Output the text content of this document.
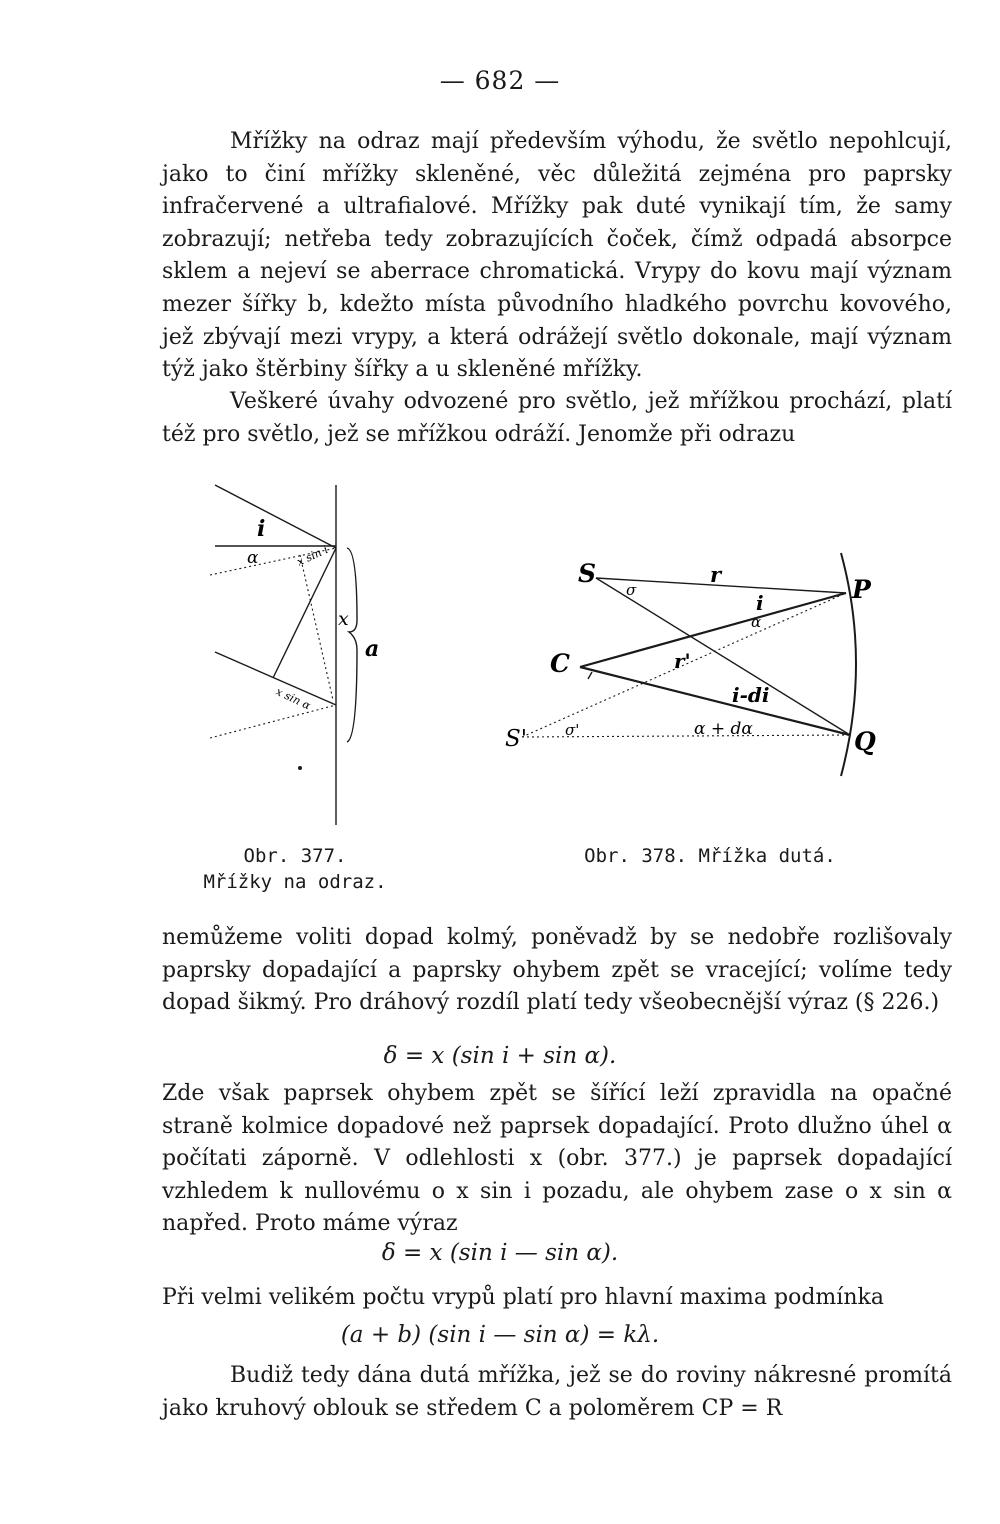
— 682 —

Mřížky na odraz mají především výhodu, že světlo nepohlcují, jako to činí mřížky skleněné, věc důležitá zejména pro paprsky infračervené a ultrafialové. Mřížky pak duté vynikají tím, že samy zobrazují; netřeba tedy zobrazujících čoček, čímž odpadá absorpce sklem a nejeví se aberrace chromatická. Vrypy do kovu mají význam mezer šířky b, kdežto místa původního hladkého povrchu kovového, jež zbývají mezi vrypy, a která odrážejí světlo dokonale, mají význam týž jako štěrbiny šířky a u skleněné mřížky.

Veškeré úvahy odvozené pro světlo, jež mřížkou prochází, platí též pro světlo, jež se mřížkou odráží. Jenomže při odrazu

i
α	x sin i
x
a
x sin α
S
S'
P
Q
C
r
r'
σ
σ'
i
α
i-di
α + dα

Obr. 377.
Mřížky na odraz.

Obr. 378. Mřížka dutá.

nemůžeme voliti dopad kolmý, poněvadž by se nedobře rozlišovaly paprsky dopadající a paprsky ohybem zpět se vracející; volíme tedy dopad šikmý. Pro dráhový rozdíl platí tedy všeobecnější výraz (§ 226.)

δ = x (sin i + sin α).

Zde však paprsek ohybem zpět se šířící leží zpravidla na opačné straně kolmice dopadové než paprsek dopadající. Proto dlužno úhel α počítati záporně. V odlehlosti x (obr. 377.) je paprsek dopadající vzhledem k nullovému o x sin i pozadu, ale ohybem zase o x sin α napřed. Proto máme výraz

δ = x (sin i — sin α).

Při velmi velikém počtu vrypů platí pro hlavní maxima podmínka

(a + b) (sin i — sin α) = kλ.

Budiž tedy dána dutá mřížka, jež se do roviny nákresné promítá jako kruhový oblouk se středem C a poloměrem CP = R
